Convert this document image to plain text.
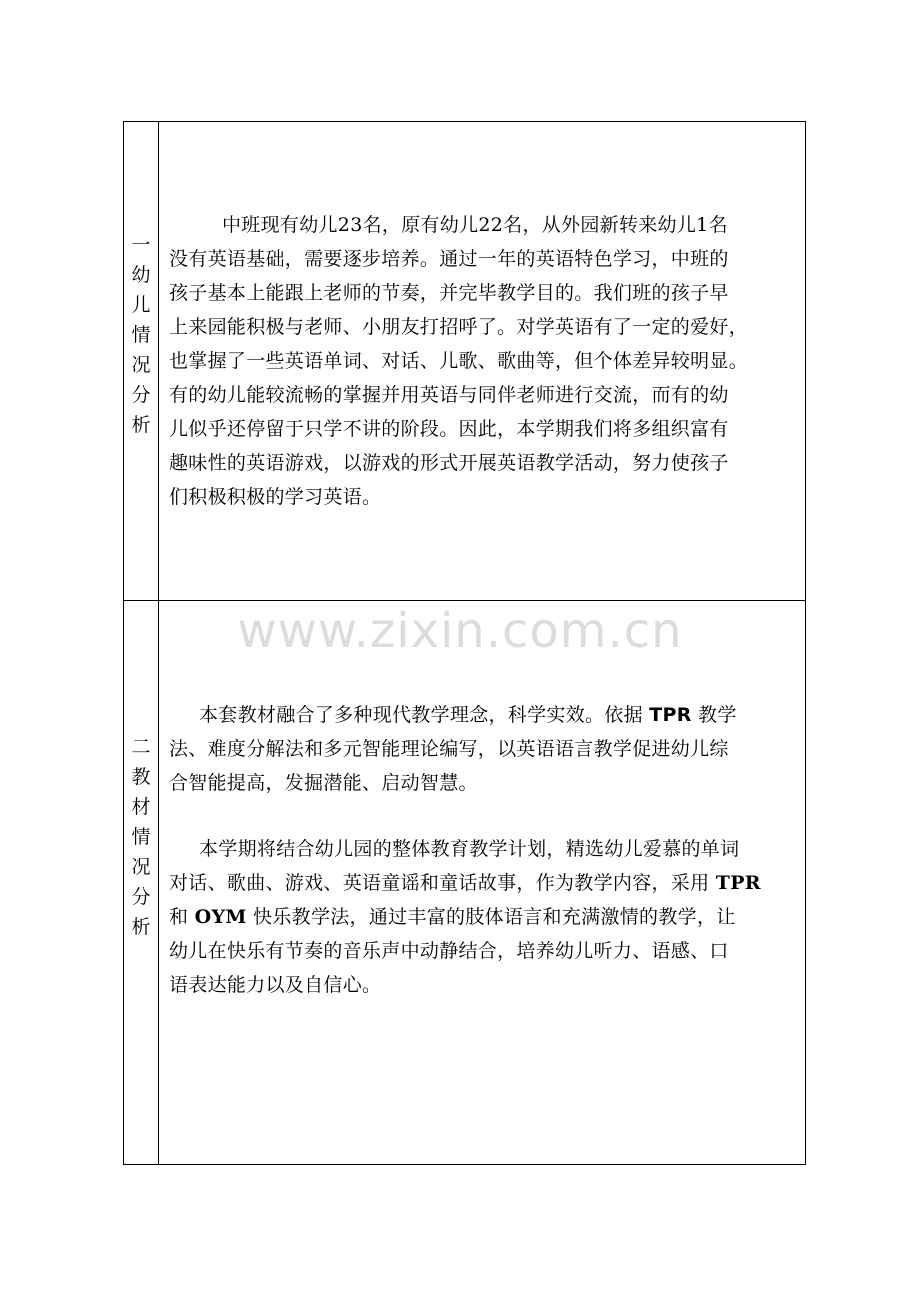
一
幼
儿
情
况
分
析
中班现有幼儿23名，原有幼儿22名，从外园新转来幼儿1名
没有英语基础，需要逐步培养。通过一年的英语特色学习，中班的
孩子基本上能跟上老师的节奏，并完毕教学目的。我们班的孩子早
上来园能积极与老师、小朋友打招呼了。对学英语有了一定的爱好，
也掌握了一些英语单词、对话、儿歌、歌曲等，但个体差异较明显。
有的幼儿能较流畅的掌握并用英语与同伴老师进行交流，而有的幼
儿似乎还停留于只学不讲的阶段。因此，本学期我们将多组织富有
趣味性的英语游戏，以游戏的形式开展英语教学活动，努力使孩子
们积极积极的学习英语。
二
教
材
情
况
分
析
本套教材融合了多种现代教学理念，科学实效。依据 TPR 教学
法、难度分解法和多元智能理论编写，以英语语言教学促进幼儿综
合智能提高，发掘潜能、启动智慧。
本学期将结合幼儿园的整体教育教学计划，精选幼儿爱慕的单词
对话、歌曲、游戏、英语童谣和童话故事，作为教学内容，采用 TPR
和 OYM 快乐教学法，通过丰富的肢体语言和充满激情的教学，让
幼儿在快乐有节奏的音乐声中动静结合，培养幼儿听力、语感、口
语表达能力以及自信心。
www.zixin.com.cn
